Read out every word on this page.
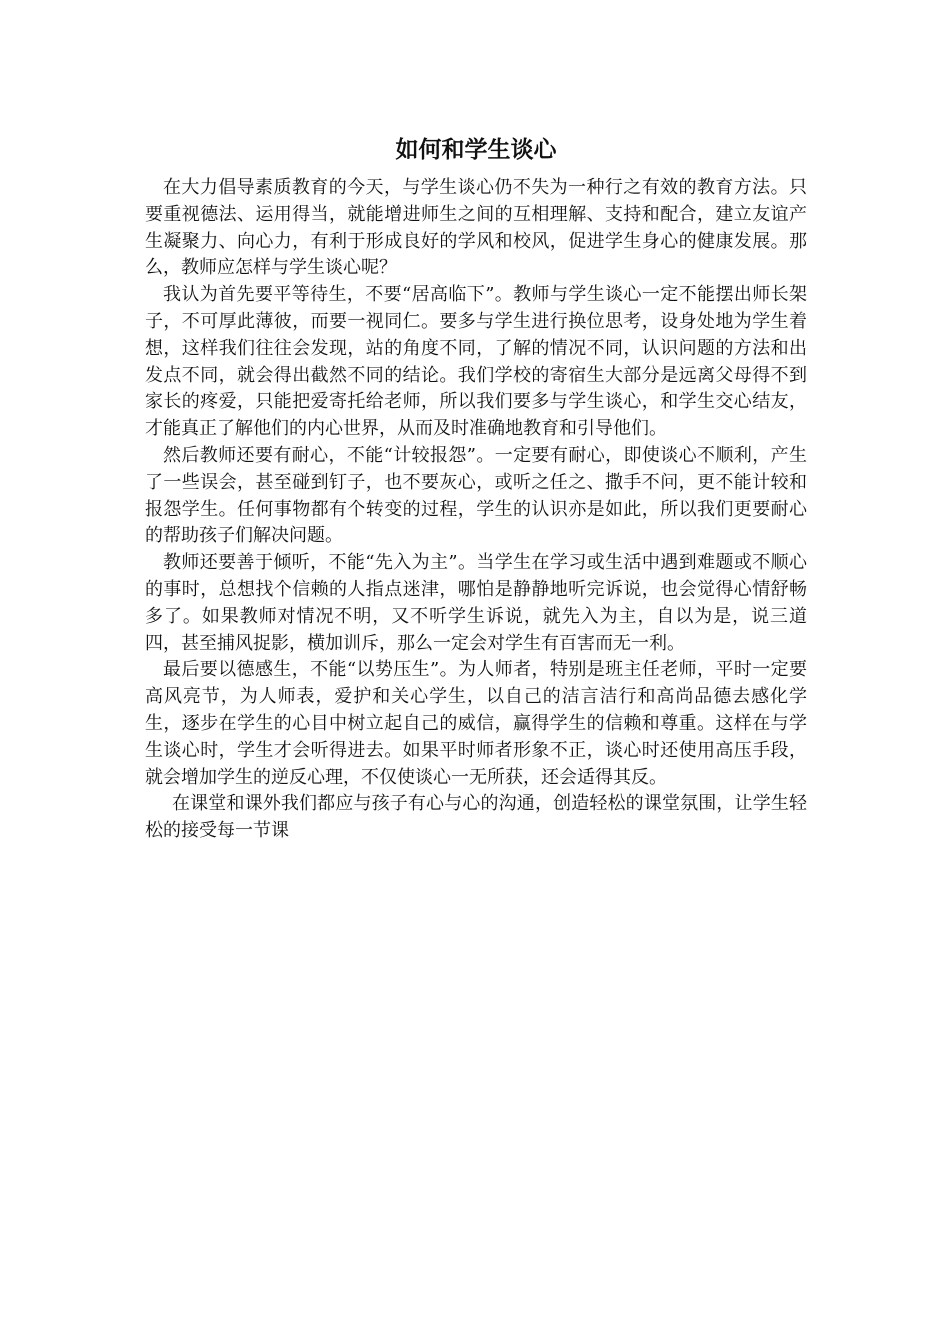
如何和学生谈心

在大力倡导素质教育的今天，与学生谈心仍不失为一种行之有效的教育方法。只要重视德法、运用得当，就能增进师生之间的互相理解、支持和配合，建立友谊产生凝聚力、向心力，有利于形成良好的学风和校风，促进学生身心的健康发展。那么，教师应怎样与学生谈心呢？

我认为首先要平等待生，不要“居高临下”。教师与学生谈心一定不能摆出师长架子，不可厚此薄彼，而要一视同仁。要多与学生进行换位思考，设身处地为学生着想，这样我们往往会发现，站的角度不同，了解的情况不同，认识问题的方法和出发点不同，就会得出截然不同的结论。我们学校的寄宿生大部分是远离父母得不到家长的疼爱，只能把爱寄托给老师，所以我们要多与学生谈心，和学生交心结友，才能真正了解他们的内心世界，从而及时准确地教育和引导他们。

然后教师还要有耐心，不能“计较报怨”。一定要有耐心，即使谈心不顺利，产生了一些误会，甚至碰到钉子，也不要灰心，或听之任之、撒手不问，更不能计较和报怨学生。任何事物都有个转变的过程，学生的认识亦是如此，所以我们更要耐心的帮助孩子们解决问题。

教师还要善于倾听，不能“先入为主”。当学生在学习或生活中遇到难题或不顺心的事时，总想找个信赖的人指点迷津，哪怕是静静地听完诉说，也会觉得心情舒畅多了。如果教师对情况不明，又不听学生诉说，就先入为主，自以为是，说三道四，甚至捕风捉影，横加训斥，那么一定会对学生有百害而无一利。

最后要以德感生，不能“以势压生”。为人师者，特别是班主任老师，平时一定要高风亮节，为人师表，爱护和关心学生，以自己的洁言洁行和高尚品德去感化学生，逐步在学生的心目中树立起自己的威信，赢得学生的信赖和尊重。这样在与学生谈心时，学生才会听得进去。如果平时师者形象不正，谈心时还使用高压手段，就会增加学生的逆反心理，不仅使谈心一无所获，还会适得其反。

在课堂和课外我们都应与孩子有心与心的沟通，创造轻松的课堂氛围，让学生轻松的接受每一节课
